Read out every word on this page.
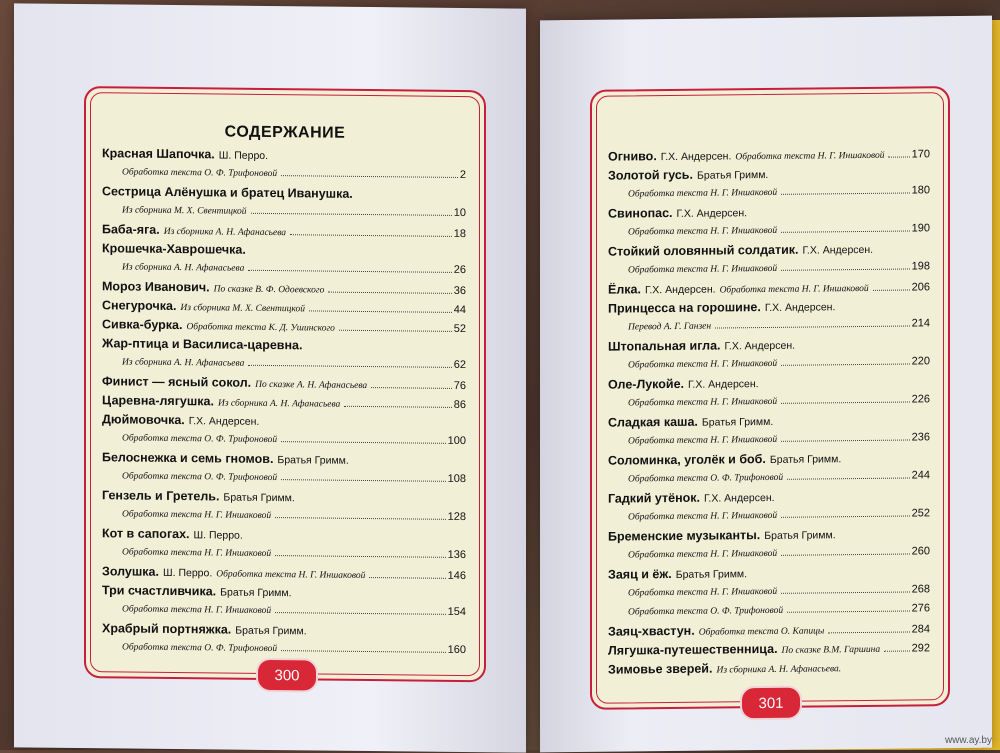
СОДЕРЖАНИЕ
Красная Шапочка. Ш. Перро.
Обработка текста О. Ф. Трифоновой	2
Сестрица Алёнушка и братец Иванушка.
Из сборника М. Х. Свентицкой	10
Баба-яга. Из сборника А. Н. Афанасьева	18
Крошечка-Хаврошечка.
Из сборника А. Н. Афанасьева	26
Мороз Иванович. По сказке В. Ф. Одоевского	36
Снегурочка. Из сборника М. Х. Свентицкой	44
Сивка-бурка. Обработка текста К. Д. Ушинского	52
Жар-птица и Василиса-царевна.
Из сборника А. Н. Афанасьева	62
Финист — ясный сокол. По сказке А. Н. Афанасьева	76
Царевна-лягушка. Из сборника А. Н. Афанасьева	86
Дюймовочка. Г.Х. Андерсен.
Обработка текста О. Ф. Трифоновой	100
Белоснежка и семь гномов. Братья Гримм.
Обработка текста О. Ф. Трифоновой	108
Гензель и Гретель. Братья Гримм.
Обработка текста Н. Г. Иншаковой	128
Кот в сапогах. Ш. Перро.
Обработка текста Н. Г. Иншаковой	136
Золушка. Ш. Перро. Обработка текста Н. Г. Иншаковой	146
Три счастливчика. Братья Гримм.
Обработка текста Н. Г. Иншаковой	154
Храбрый портняжка. Братья Гримм.
Обработка текста О. Ф. Трифоновой	160
300
Огниво. Г.Х. Андерсен. Обработка текста Н. Г. Иншаковой 170
Золотой гусь. Братья Гримм.
Обработка текста Н. Г. Иншаковой	180
Свинопас. Г.Х. Андерсен.
Обработка текста Н. Г. Иншаковой	190
Стойкий оловянный солдатик. Г.Х. Андерсен.
Обработка текста Н. Г. Иншаковой	198
Ёлка. Г.Х. Андерсен. Обработка текста Н. Г. Иншаковой	206
Принцесса на горошине. Г.Х. Андерсен.
Перевод А. Г. Ганзен	214
Штопальная игла. Г.Х. Андерсен.
Обработка текста Н. Г. Иншаковой	220
Оле-Лукойе. Г.Х. Андерсен.
Обработка текста Н. Г. Иншаковой	226
Сладкая каша. Братья Гримм.
Обработка текста Н. Г. Иншаковой	236
Соломинка, уголёк и боб. Братья Гримм.
Обработка текста О. Ф. Трифоновой	244
Гадкий утёнок. Г.Х. Андерсен.
Обработка текста Н. Г. Иншаковой	252
Бременские музыканты. Братья Гримм.
Обработка текста Н. Г. Иншаковой	260
Заяц и ёж. Братья Гримм.
Обработка текста Н. Г. Иншаковой	268
Обработка текста О. Ф. Трифоновой	276
Заяц-хвастун. Обработка текста О. Капицы	284
Лягушка-путешественница. По сказке В.М. Гаршина	292
Зимовье зверей. Из сборника А. Н. Афанасьева.
301
www.ay.by
